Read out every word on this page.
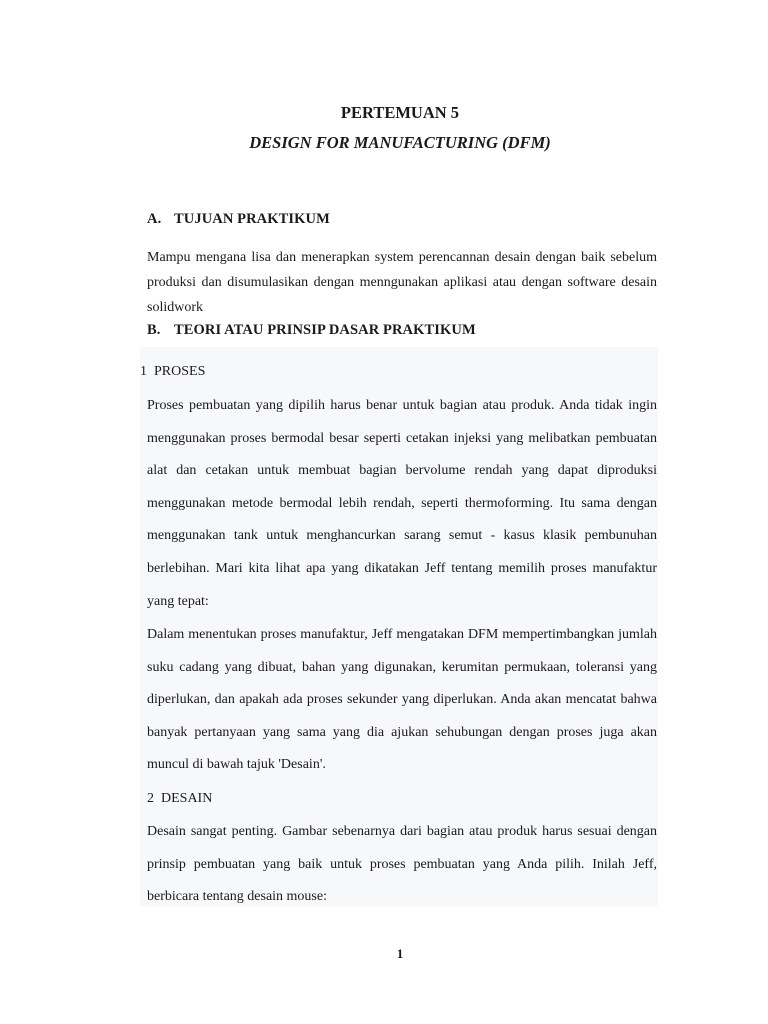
PERTEMUAN 5
DESIGN FOR MANUFACTURING (DFM)
A. TUJUAN PRAKTIKUM
Mampu mengana lisa dan menerapkan system perencannan desain dengan baik sebelum produksi dan disumulasikan dengan menngunakan aplikasi atau dengan software desain solidwork
B. TEORI ATAU PRINSIP DASAR PRAKTIKUM
1 PROSES
Proses pembuatan yang dipilih harus benar untuk bagian atau produk. Anda tidak ingin menggunakan proses bermodal besar seperti cetakan injeksi yang melibatkan pembuatan alat dan cetakan untuk membuat bagian bervolume rendah yang dapat diproduksi menggunakan metode bermodal lebih rendah, seperti thermoforming. Itu sama dengan menggunakan tank untuk menghancurkan sarang semut - kasus klasik pembunuhan berlebihan. Mari kita lihat apa yang dikatakan Jeff tentang memilih proses manufaktur yang tepat:
Dalam menentukan proses manufaktur, Jeff mengatakan DFM mempertimbangkan jumlah suku cadang yang dibuat, bahan yang digunakan, kerumitan permukaan, toleransi yang diperlukan, dan apakah ada proses sekunder yang diperlukan. Anda akan mencatat bahwa banyak pertanyaan yang sama yang dia ajukan sehubungan dengan proses juga akan muncul di bawah tajuk 'Desain'.
2 DESAIN
Desain sangat penting. Gambar sebenarnya dari bagian atau produk harus sesuai dengan prinsip pembuatan yang baik untuk proses pembuatan yang Anda pilih. Inilah Jeff, berbicara tentang desain mouse:
1
